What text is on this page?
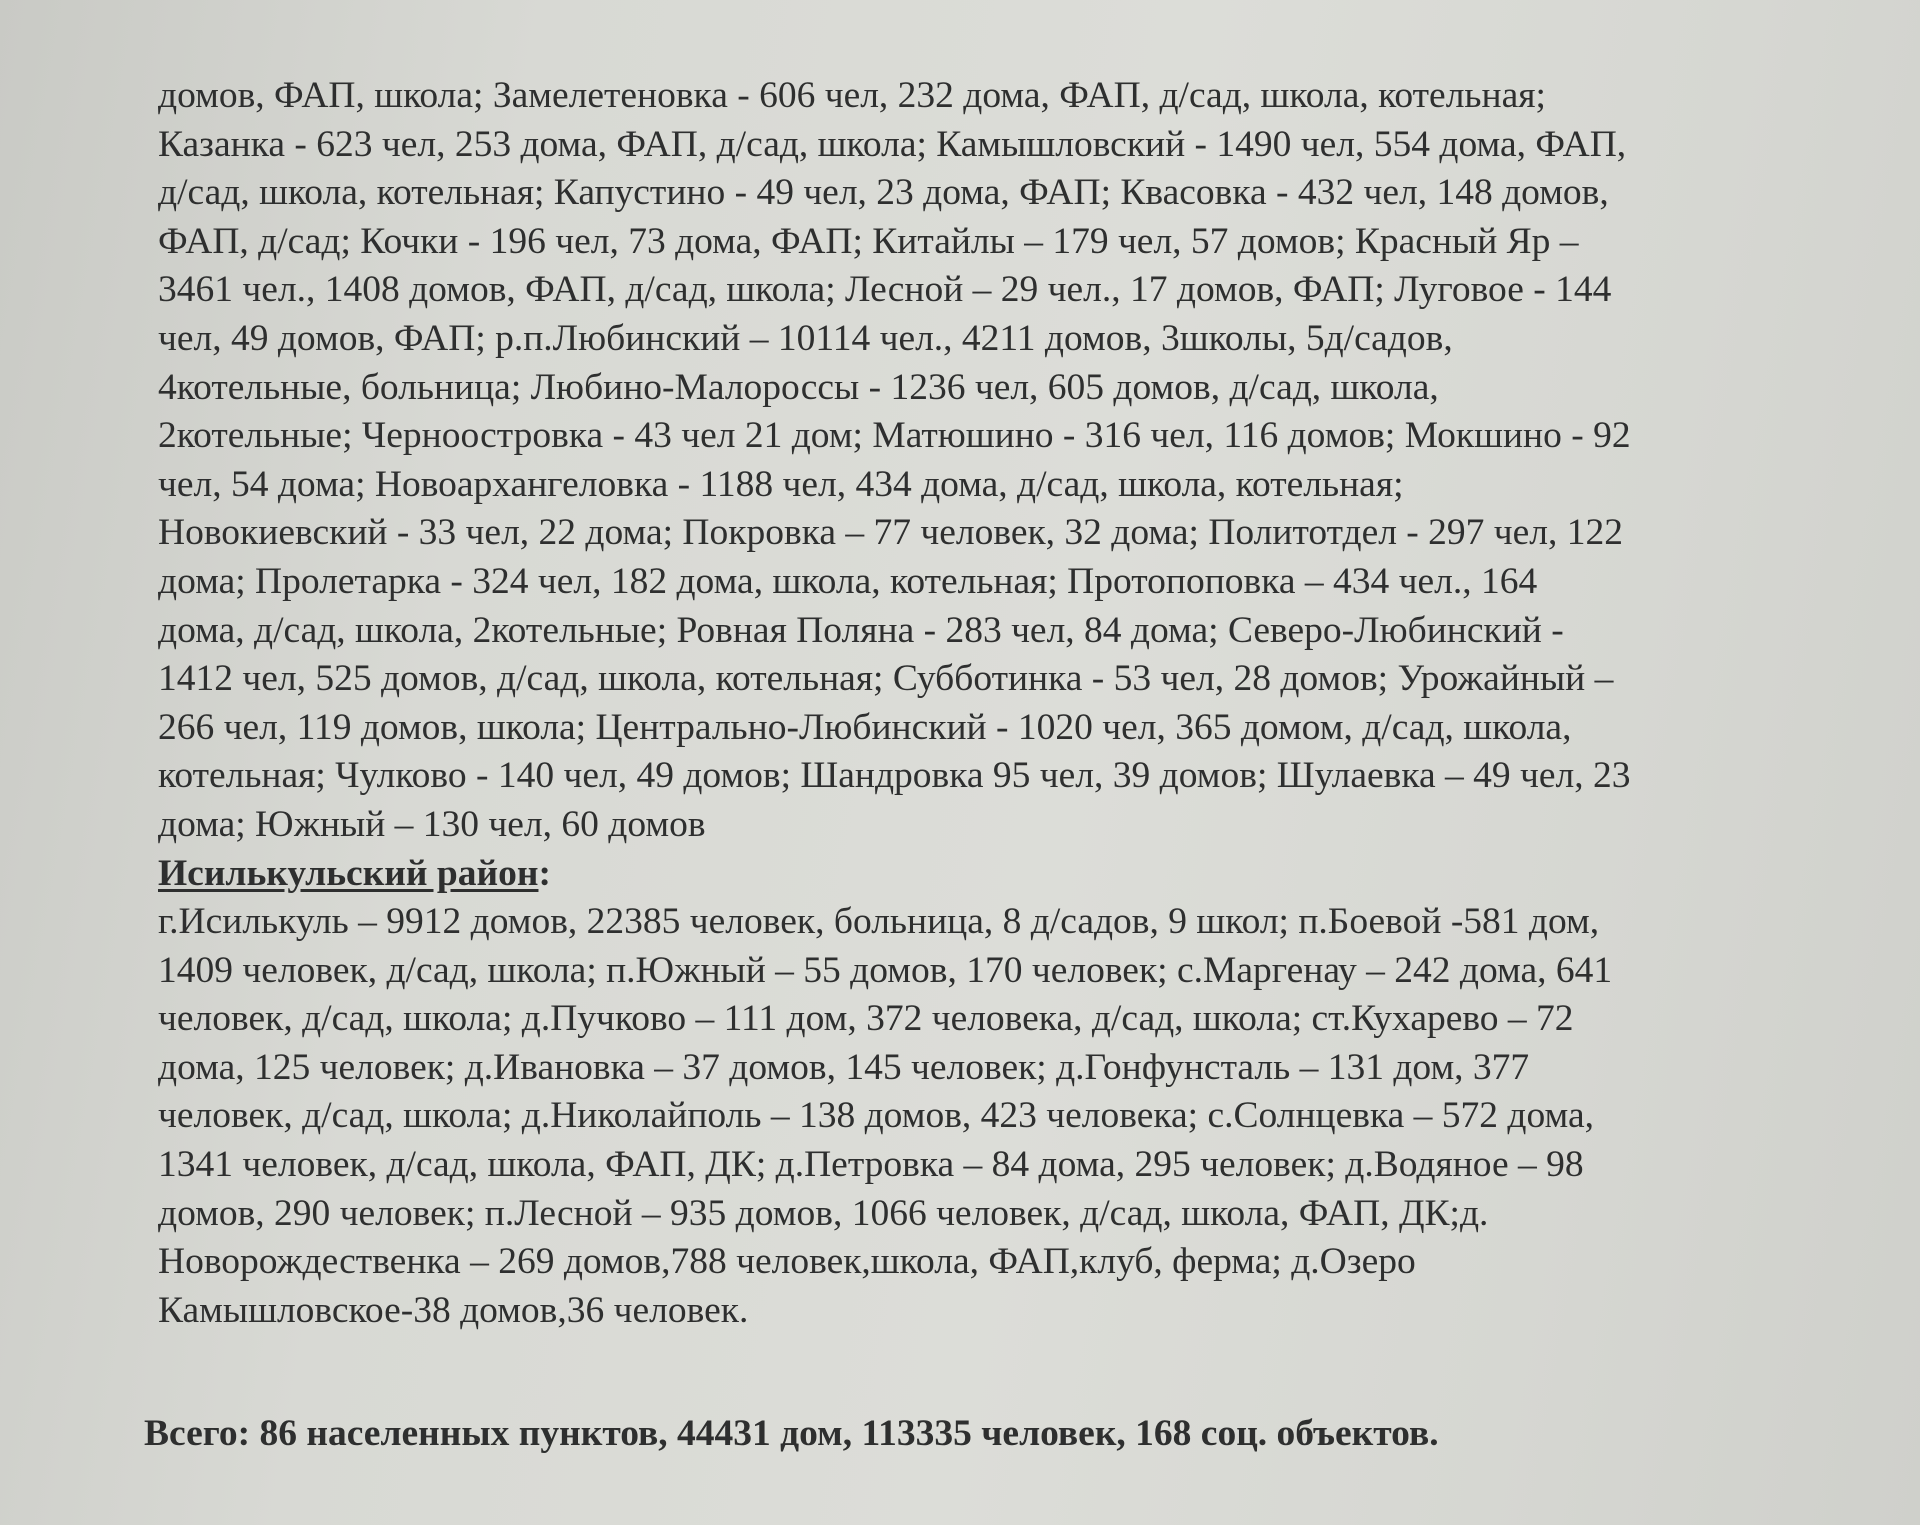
домов, ФАП, школа; Замелетеновка - 606 чел, 232 дома, ФАП, д/сад, школа, котельная;
Казанка - 623 чел, 253 дома, ФАП, д/сад, школа; Камышловский - 1490 чел, 554 дома, ФАП,
д/сад, школа, котельная; Капустино - 49 чел, 23 дома, ФАП; Квасовка - 432 чел, 148 домов,
ФАП, д/сад; Кочки - 196 чел, 73 дома, ФАП; Китайлы – 179 чел, 57 домов; Красный Яр –
3461 чел., 1408 домов, ФАП, д/сад, школа; Лесной – 29 чел., 17 домов, ФАП; Луговое - 144
чел, 49 домов, ФАП; р.п.Любинский – 10114 чел., 4211 домов, 3школы, 5д/садов,
4котельные, больница; Любино-Малороссы - 1236 чел, 605 домов, д/сад, школа,
2котельные; Черноостровка - 43 чел 21 дом; Матюшино - 316 чел, 116 домов; Мокшино - 92
чел, 54 дома; Новоархангеловка - 1188 чел, 434 дома, д/сад, школа, котельная;
Новокиевский - 33 чел, 22 дома; Покровка – 77 человек, 32 дома; Политотдел - 297 чел, 122
дома; Пролетарка - 324 чел, 182 дома, школа, котельная; Протопоповка – 434 чел., 164
дома, д/сад, школа, 2котельные; Ровная Поляна - 283 чел, 84 дома; Северо-Любинский -
1412 чел, 525 домов, д/сад, школа, котельная; Субботинка - 53 чел, 28 домов; Урожайный –
266 чел, 119 домов, школа; Центрально-Любинский - 1020 чел, 365 домом, д/сад, школа,
котельная; Чулково - 140 чел, 49 домов; Шандровка 95 чел, 39 домов; Шулаевка – 49 чел, 23
дома; Южный – 130 чел, 60 домов
Исилькульский район:
г.Исилькуль – 9912 домов, 22385 человек, больница, 8 д/садов, 9 школ; п.Боевой -581 дом,
1409 человек, д/сад, школа; п.Южный – 55 домов, 170 человек; с.Маргенау – 242 дома, 641
человек, д/сад, школа; д.Пучково – 111 дом, 372 человека, д/сад, школа; ст.Кухарево – 72
дома, 125 человек; д.Ивановка – 37 домов, 145 человек; д.Гонфунсталь – 131 дом, 377
человек, д/сад, школа; д.Николайполь – 138 домов, 423 человека; с.Солнцевка – 572 дома,
1341 человек, д/сад, школа, ФАП, ДК; д.Петровка – 84 дома, 295 человек; д.Водяное – 98
домов, 290 человек; п.Лесной – 935 домов, 1066 человек, д/сад, школа, ФАП, ДК;д.
Новорождественка – 269 домов,788 человек,школа, ФАП,клуб, ферма; д.Озеро
Камышловское-38 домов,36 человек.
Всего: 86 населенных пунктов, 44431 дом, 113335 человек, 168 соц. объектов.
